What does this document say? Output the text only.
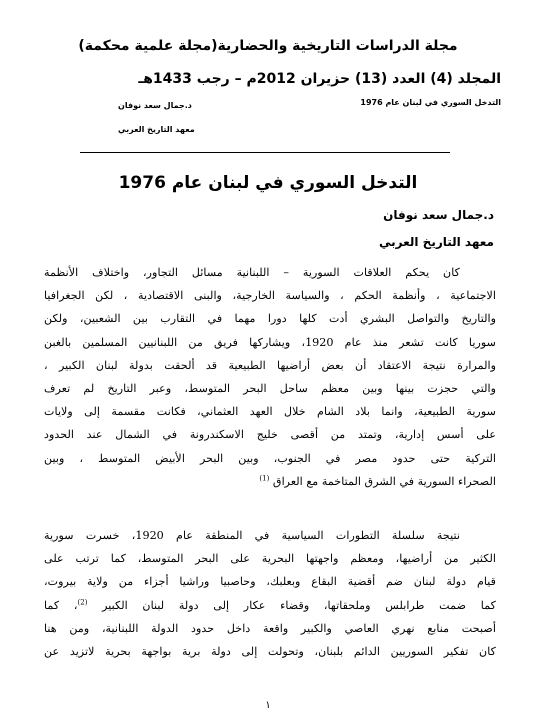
مجلة الدراسات التاريخية والحضارية(مجلة علمية محكمة)
المجلد (4) العدد (13) حزيران 2012م – رجب 1433هـ
التدخل السوري في لبنان عام 1976
د.جمال سعد نوفان
معهد التاريخ العربي
التدخل السوري في لبنان عام 1976
د.جمال سعد نوفان
معهد التاريخ العربي
كان يحكم العلاقات السورية – اللبنانية مسائل التجاور، واختلاف الأنظمة
الاجتماعية ، وأنظمة الحكم ، والسياسة الخارجية، والبنى الاقتصادية ، لكن الجغرافيا
والتاريخ والتواصل البشري أدت كلها دورا مهما في التقارب بين الشعبين، ولكن
سوريا كانت تشعر منذ عام 1920، ويشاركها فريق من اللبنانيين المسلمين بالغبن
والمرارة نتيجة الاعتقاد أن بعض أراضيها الطبيعية قد ألحقت بدولة لبنان الكبير ،
والتي حجزت بينها وبين معظم ساحل البحر المتوسط، وعبر التاريخ لم تعرف
سورية الطبيعية، وانما بلاد الشام خلال العهد العثماني، فكانت مقسمة إلى ولايات
على أسس إدارية، وتمتد من أقصى خليج الاسكندرونة في الشمال عند الحدود
التركية حتى حدود مصر في الجنوب، وبين البحر الأبيض المتوسط ، وبين
الصحراء السورية في الشرق المتاخمة مع العراق $^{(1)}$
نتيجة سلسلة التطورات السياسية في المنطقة عام 1920، خسرت سورية
الكثير من أراضيها، ومعظم واجهتها البحرية على البحر المتوسط، كما ترتب على
قيام دولة لبنان ضم أقضية البقاع وبعلبك، وحاصبيا وراشيا أجزاء من ولاية بيروت،
كما ضمت طرابلس وملحقاتها، وقضاء عكار إلى دولة لبنان الكبير $^{(2)}$، كما
أصبحت منابع نهري العاصي والكبير واقعة داخل حدود الدولة اللبنانية، ومن هنا
كان تفكير السوريين الدائم بلبنان، وتحولت إلى دولة برية بواجهة بحرية لاتزيد عن
١
